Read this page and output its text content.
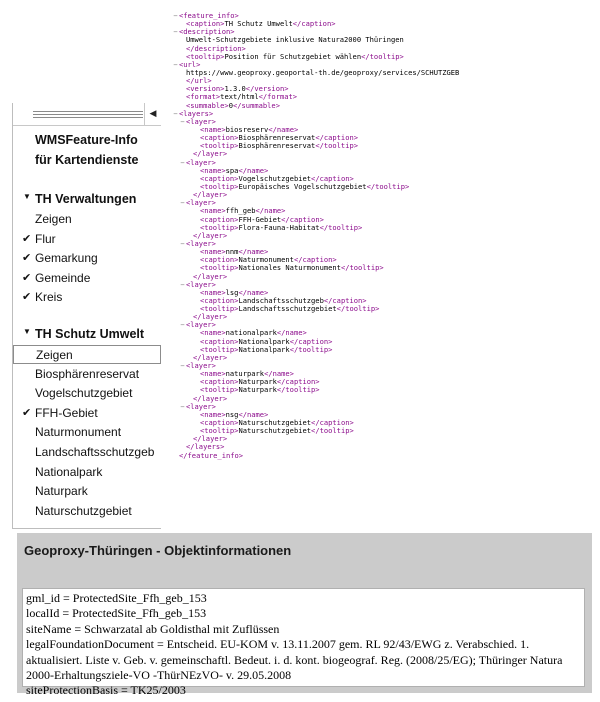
−<feature_info>
<caption>TH Schutz Umwelt</caption>
−<description>
Umwelt-Schutzgebiete inklusive Natura2000 Thüringen
</description>
<tooltip>Position für Schutzgebiet wählen</tooltip>
−<url>
https://www.geoproxy.geoportal-th.de/geoproxy/services/SCHUTZGEB
</url>
<version>1.3.0</version>
<format>text/html</format>
<summable>0</summable>
−<layers>
−<layer>
<name>biosreserv</name>
<caption>Biosphärenreservat</caption>
<tooltip>Biosphärenreservat</tooltip>
</layer>
−<layer>
<name>spa</name>
<caption>Vogelschutzgebiet</caption>
<tooltip>Europäisches Vogelschutzgebiet</tooltip>
</layer>
−<layer>
<name>ffh_geb</name>
<caption>FFH-Gebiet</caption>
<tooltip>Flora-Fauna-Habitat</tooltip>
</layer>
−<layer>
<name>nnm</name>
<caption>Naturmonument</caption>
<tooltip>Nationales Naturmonument</tooltip>
</layer>
−<layer>
<name>lsg</name>
<caption>Landschaftsschutzgeb</caption>
<tooltip>Landschaftsschutzgebiet</tooltip>
</layer>
−<layer>
<name>nationalpark</name>
<caption>Nationalpark</caption>
<tooltip>Nationalpark</tooltip>
</layer>
−<layer>
<name>naturpark</name>
<caption>Naturpark</caption>
<tooltip>Naturpark</tooltip>
</layer>
−<layer>
<name>nsg</name>
<caption>Naturschutzgebiet</caption>
<tooltip>Naturschutzgebiet</tooltip>
</layer>
</layers>
</feature_info>
◀
WMSFeature-Info
für Kartendienste
▼ TH Verwaltungen
Zeigen
✔ Flur
✔ Gemarkung
✔ Gemeinde
✔ Kreis
▼ TH Schutz Umwelt
Zeigen
Biosphärenreservat
Vogelschutzgebiet
✔ FFH-Gebiet
Naturmonument
Landschaftsschutzgeb
Nationalpark
Naturpark
Naturschutzgebiet
Geoproxy-Thüringen - Objektinformationen
gml_id = ProtectedSite_Ffh_geb_153
localId = ProtectedSite_Ffh_geb_153
siteName = Schwarzatal ab Goldisthal mit Zuflüssen
legalFoundationDocument = Entscheid. EU-KOM v. 13.11.2007 gem. RL 92/43/EWG z. Verabschied. 1. aktualisiert. Liste v. Geb. v. gemeinschaftl. Bedeut. i. d. kont. biogeograf. Reg. (2008/25/EG); Thüringer Natura 2000-Erhaltungsziele-VO -ThürNEzVO- v. 29.05.2008
siteProtectionBasis = TK25/2003
